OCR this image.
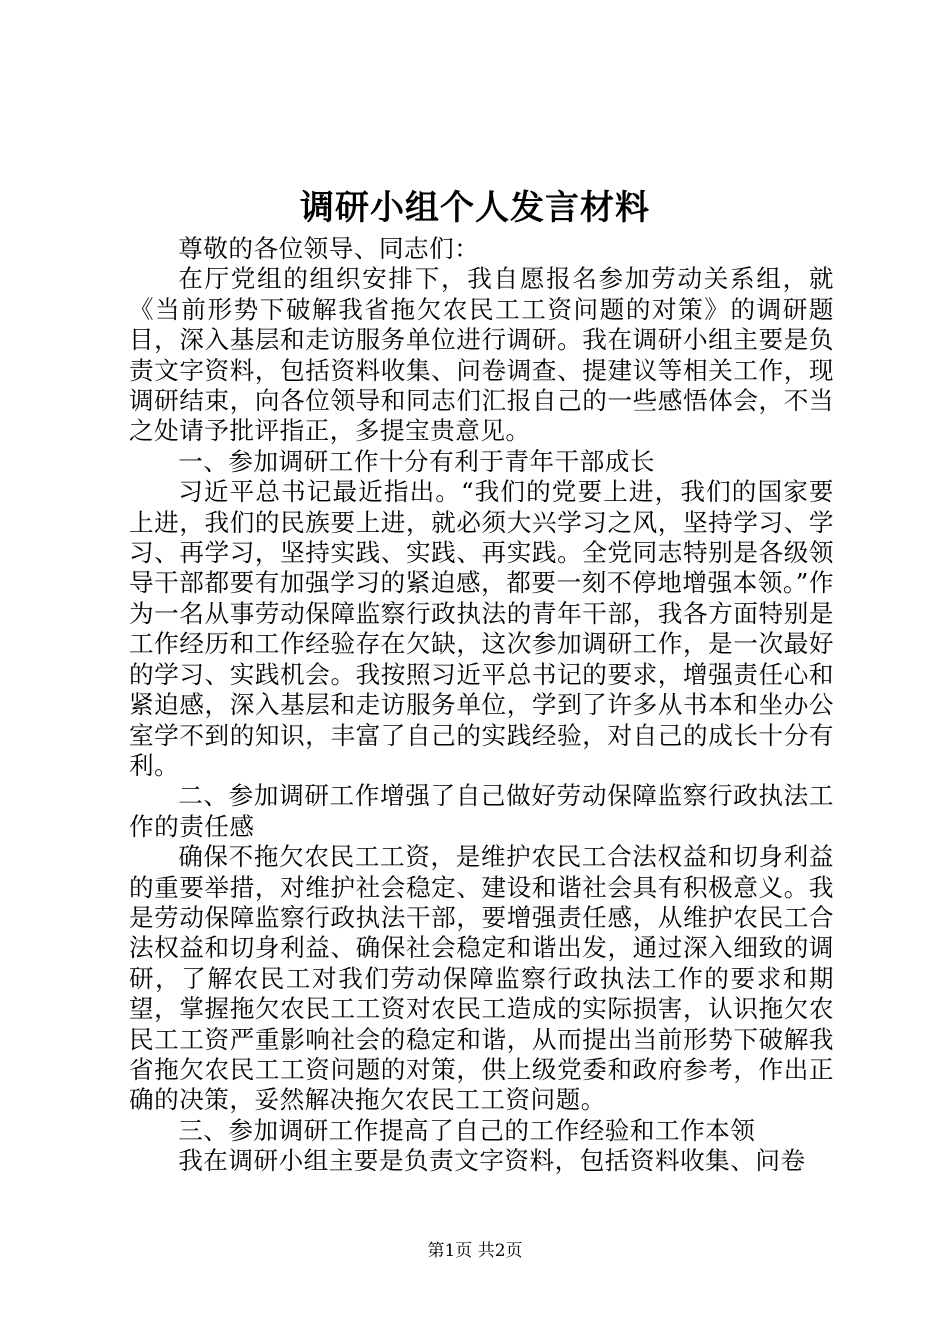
调研小组个人发言材料

尊敬的各位领导、同志们：

在厅党组的组织安排下，我自愿报名参加劳动关系组，就《当前形势下破解我省拖欠农民工工资问题的对策》的调研题目，深入基层和走访服务单位进行调研。我在调研小组主要是负责文字资料，包括资料收集、问卷调查、提建议等相关工作，现调研结束，向各位领导和同志们汇报自己的一些感悟体会，不当之处请予批评指正，多提宝贵意见。

一、参加调研工作十分有利于青年干部成长

习近平总书记最近指出。“我们的党要上进，我们的国家要上进，我们的民族要上进，就必须大兴学习之风，坚持学习、学习、再学习，坚持实践、实践、再实践。全党同志特别是各级领导干部都要有加强学习的紧迫感，都要一刻不停地增强本领。”作为一名从事劳动保障监察行政执法的青年干部，我各方面特别是工作经历和工作经验存在欠缺，这次参加调研工作，是一次最好的学习、实践机会。我按照习近平总书记的要求，增强责任心和紧迫感，深入基层和走访服务单位，学到了许多从书本和坐办公室学不到的知识，丰富了自己的实践经验，对自己的成长十分有利。

二、参加调研工作增强了自己做好劳动保障监察行政执法工作的责任感

确保不拖欠农民工工资，是维护农民工合法权益和切身利益的重要举措，对维护社会稳定、建设和谐社会具有积极意义。我是劳动保障监察行政执法干部，要增强责任感，从维护农民工合法权益和切身利益、确保社会稳定和谐出发，通过深入细致的调研，了解农民工对我们劳动保障监察行政执法工作的要求和期望，掌握拖欠农民工工资对农民工造成的实际损害，认识拖欠农民工工资严重影响社会的稳定和谐，从而提出当前形势下破解我省拖欠农民工工资问题的对策，供上级党委和政府参考，作出正确的决策，妥然解决拖欠农民工工资问题。

三、参加调研工作提高了自己的工作经验和工作本领

我在调研小组主要是负责文字资料，包括资料收集、问卷

第1页 共2页
